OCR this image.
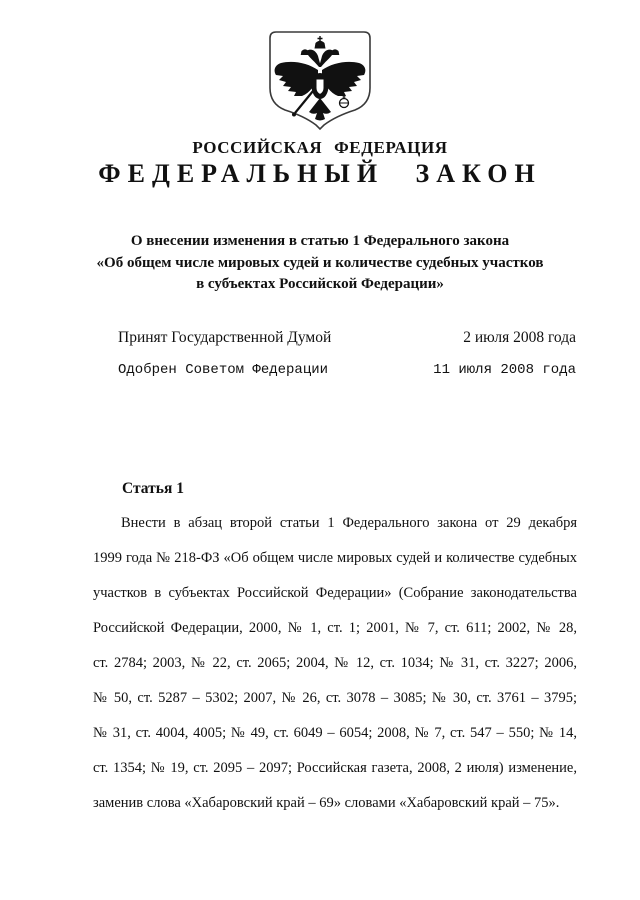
РОССИЙСКАЯ ФЕДЕРАЦИЯ
ФЕДЕРАЛЬНЫЙ ЗАКОН
О внесении изменения в статью 1 Федерального закона
«Об общем числе мировых судей и количестве судебных участков
в субъектах Российской Федерации»
Принят Государственной Думой	2 июля 2008 года
Одобрен Советом Федерации	11 июля 2008 года
Статья 1
Внести в абзац второй статьи 1 Федерального закона от 29 декабря
1999 года № 218-ФЗ «Об общем числе мировых судей и количестве судебных
участков в субъектах Российской Федерации» (Собрание законодательства
Российской Федерации, 2000, № 1, ст. 1; 2001, № 7, ст. 611; 2002, № 28,
ст. 2784; 2003, № 22, ст. 2065; 2004, № 12, ст. 1034; № 31, ст. 3227; 2006,
№ 50, ст. 5287 – 5302; 2007, № 26, ст. 3078 – 3085; № 30, ст. 3761 – 3795;
№ 31, ст. 4004, 4005; № 49, ст. 6049 – 6054; 2008, № 7, ст. 547 – 550; № 14,
ст. 1354; № 19, ст. 2095 – 2097; Российская газета, 2008, 2 июля) изменение,
заменив слова «Хабаровский край – 69» словами «Хабаровский край – 75».
